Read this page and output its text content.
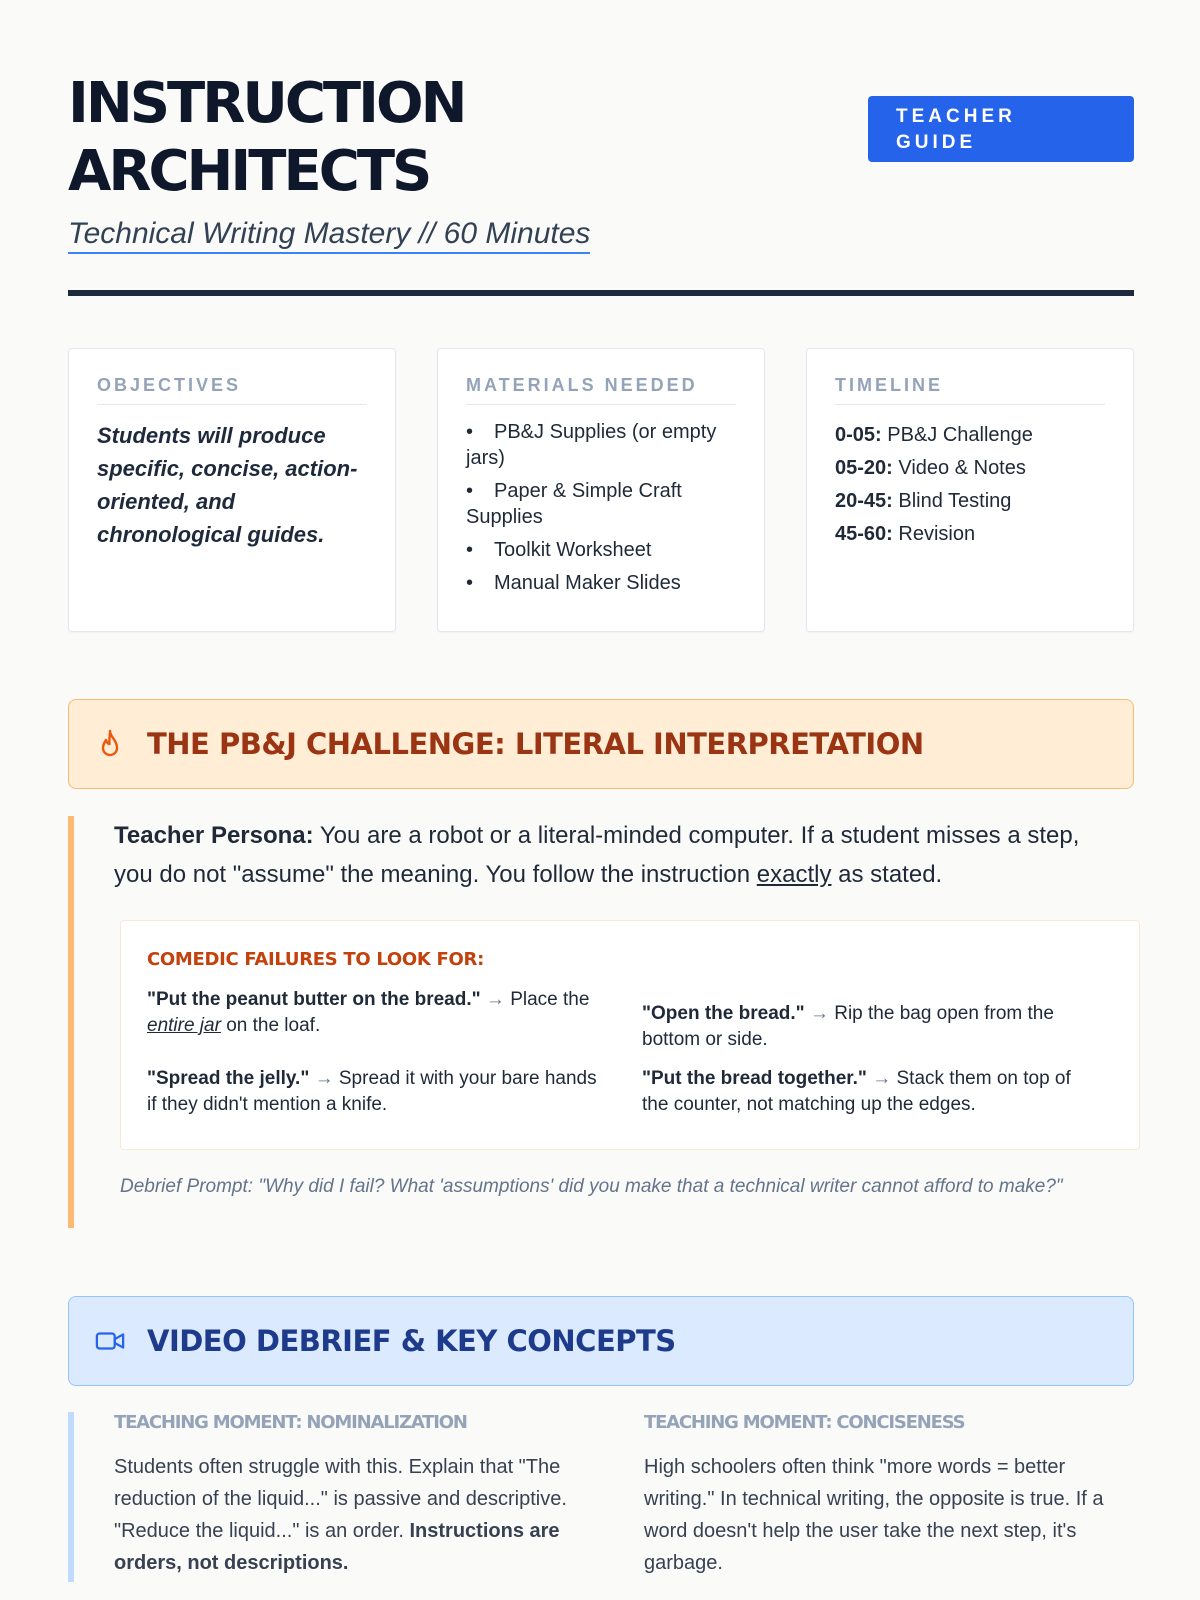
INSTRUCTION
ARCHITECTS
Technical Writing Mastery // 60 Minutes
TEACHER
GUIDE
OBJECTIVES
Students will produce specific, concise, action-oriented, and chronological guides.
MATERIALS NEEDED
• PB&J Supplies (or empty jars)
• Paper & Simple Craft Supplies
• Toolkit Worksheet
• Manual Maker Slides
TIMELINE
0-05: PB&J Challenge
05-20: Video & Notes
20-45: Blind Testing
45-60: Revision
THE PB&J CHALLENGE: LITERAL INTERPRETATION

Teacher Persona: You are a robot or a literal-minded computer. If a student misses a step, you do not "assume" the meaning. You follow the instruction exactly as stated.

COMEDIC FAILURES TO LOOK FOR:
"Put the peanut butter on the bread." → Place the entire jar on the loaf.
"Open the bread." → Rip the bag open from the bottom or side.
"Spread the jelly." → Spread it with your bare hands if they didn't mention a knife.
"Put the bread together." → Stack them on top of the counter, not matching up the edges.
Debrief Prompt: "Why did I fail? What 'assumptions' did you make that a technical writer cannot afford to make?"
VIDEO DEBRIEF & KEY CONCEPTS
TEACHING MOMENT: NOMINALIZATION

Students often struggle with this. Explain that "The reduction of the liquid..." is passive and descriptive. "Reduce the liquid..." is an order. Instructions are orders, not descriptions.

TEACHING MOMENT: CONCISENESS

High schoolers often think "more words = better writing." In technical writing, the opposite is true. If a word doesn't help the user take the next step, it's garbage.
